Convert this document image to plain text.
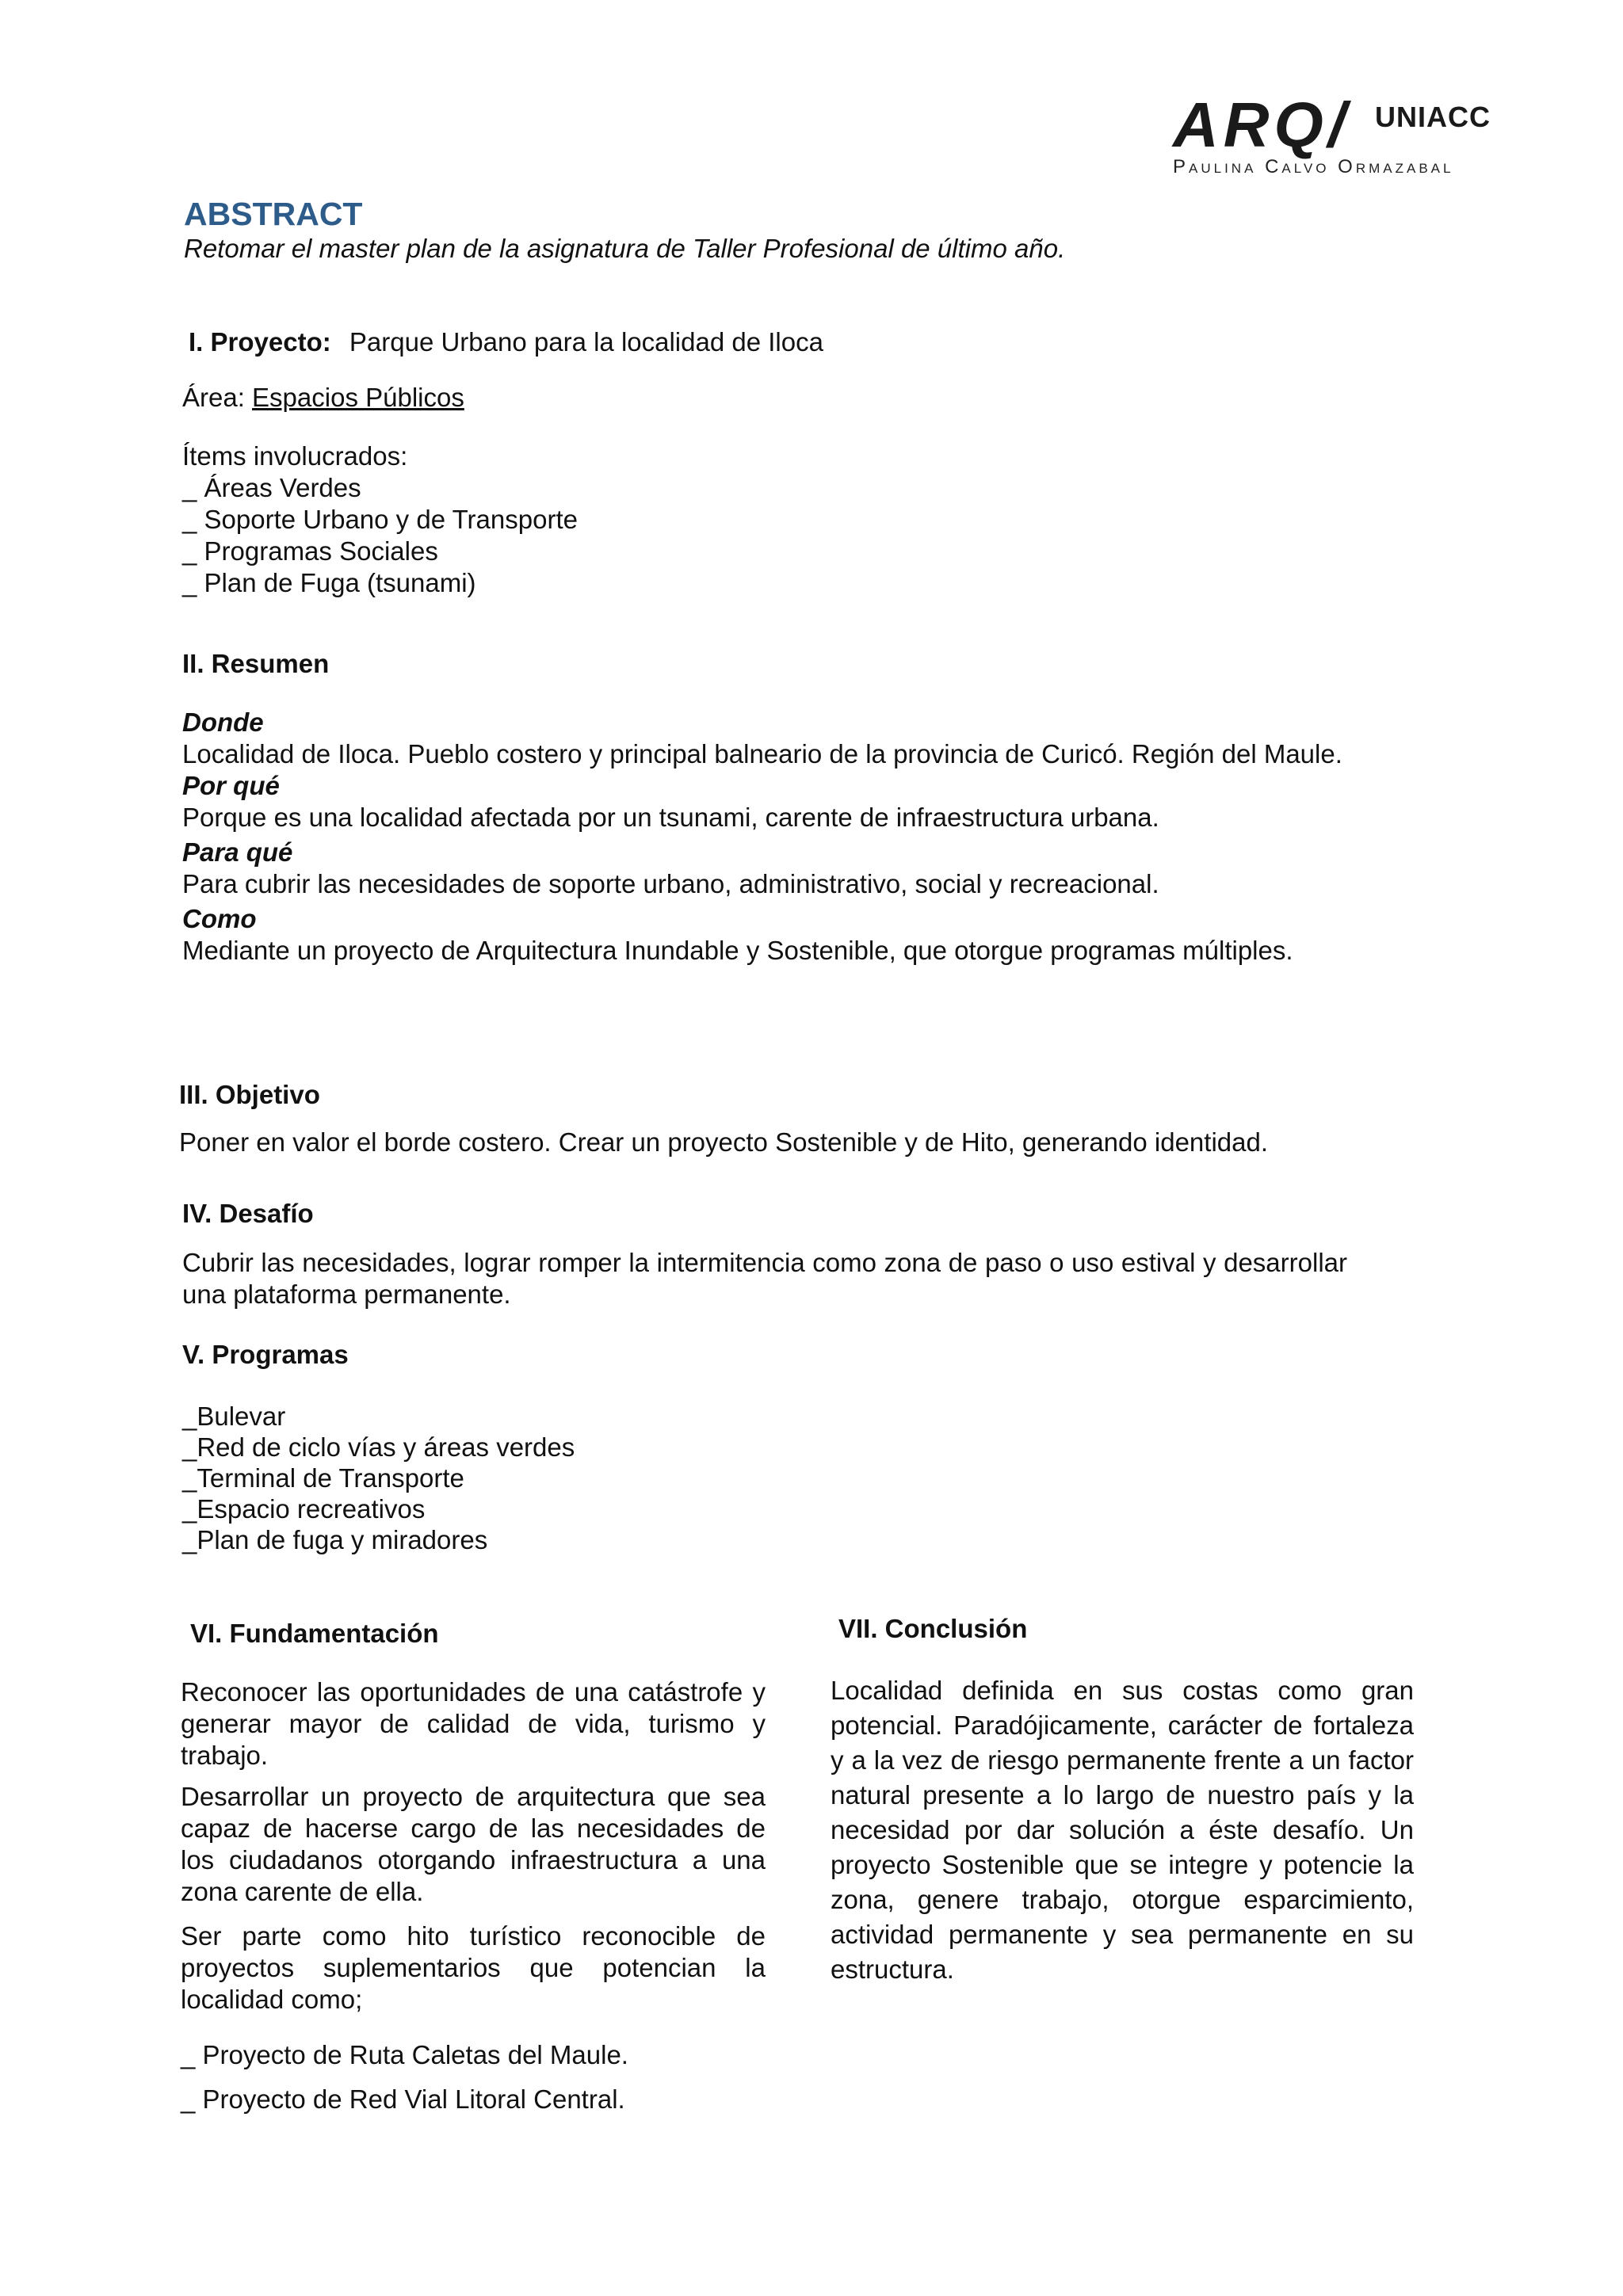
ARQ/ UNIACC
Paulina Calvo Ormazabal
ABSTRACT
Retomar el master plan de la asignatura de Taller Profesional de último año.
I. Proyecto: Parque Urbano para la localidad de Iloca
Área: Espacios Públicos
Ítems involucrados:
_ Áreas Verdes
_ Soporte Urbano y de Transporte
_ Programas Sociales
_ Plan de Fuga (tsunami)
II. Resumen
Donde

Localidad de Iloca. Pueblo costero y principal balneario de la provincia de Curicó. Región del Maule.

Por qué

Porque es una localidad afectada por un tsunami, carente de infraestructura urbana.

Para qué

Para cubrir las necesidades de soporte urbano, administrativo, social y recreacional.

Como

Mediante un proyecto de Arquitectura Inundable y Sostenible, que otorgue programas múltiples.

III. Objetivo
Poner en valor el borde costero. Crear un proyecto Sostenible y de Hito, generando identidad.
IV. Desafío
Cubrir las necesidades, lograr romper la intermitencia como zona de paso o uso estival y desarrollar una plataforma permanente.
V. Programas
_Bulevar
_Red de ciclo vías y áreas verdes
_Terminal de Transporte
_Espacio recreativos
_Plan de fuga y miradores
VI. Fundamentación

Reconocer las oportunidades de una catástrofe y generar mayor de calidad de vida, turismo y trabajo.

Desarrollar un proyecto de arquitectura que sea capaz de hacerse cargo de las necesidades de los ciudadanos otorgando infraestructura a una zona carente de ella.

Ser parte como hito turístico reconocible de proyectos suplementarios que potencian la localidad como;

_ Proyecto de Ruta Caletas del Maule.
_ Proyecto de Red Vial Litoral Central.
VII. Conclusión
Localidad definida en sus costas como gran potencial. Paradójicamente, carácter de fortaleza y a la vez de riesgo permanente frente a un factor natural presente a lo largo de nuestro país y la necesidad por dar solución a éste desafío. Un proyecto Sostenible que se integre y potencie la zona, genere trabajo, otorgue esparcimiento, actividad permanente y sea permanente en su estructura.
